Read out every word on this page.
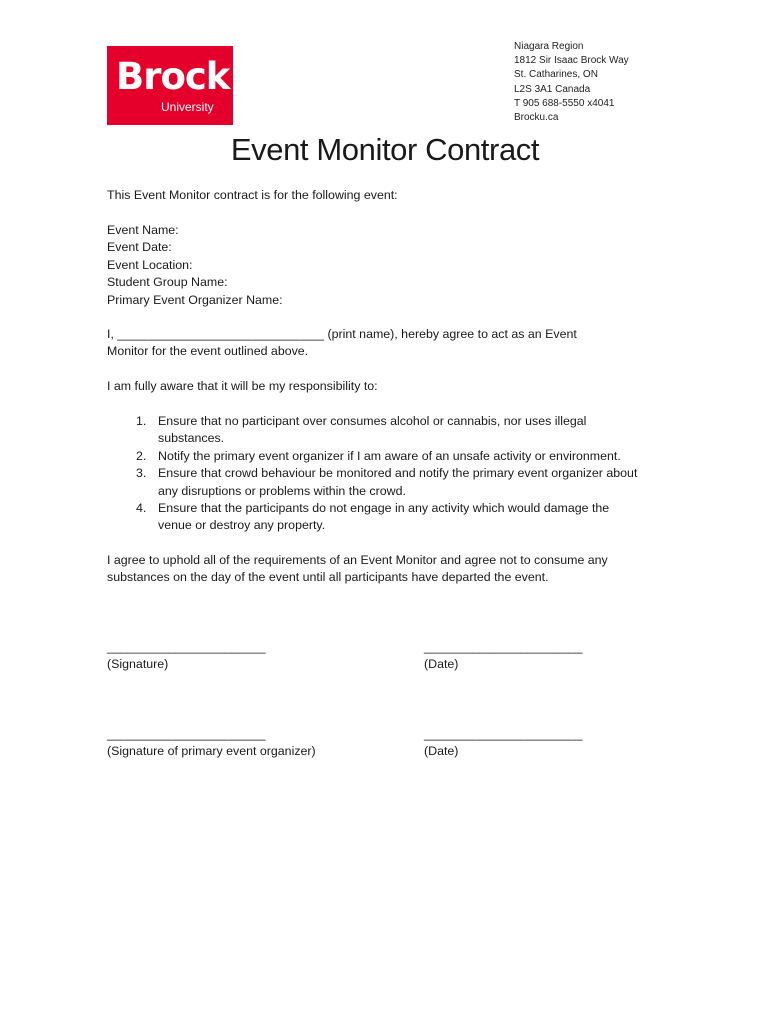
Brock
University
Niagara Region
1812 Sir Isaac Brock Way
St. Catharines, ON
L2S 3A1 Canada
T 905 688-5550 x4041
Brocku.ca
Event Monitor Contract
This Event Monitor contract is for the following event:
Event Name:
Event Date:
Event Location:
Student Group Name:
Primary Event Organizer Name:
I, ______________________________ (print name), hereby agree to act as an Event
Monitor for the event outlined above.
I am fully aware that it will be my responsibility to:
1. Ensure that no participant over consumes alcohol or cannabis, nor uses illegal
substances.
2. Notify the primary event organizer if I am aware of an unsafe activity or environment.
3. Ensure that crowd behaviour be monitored and notify the primary event organizer about
any disruptions or problems within the crowd.
4. Ensure that the participants do not engage in any activity which would damage the
venue or destroy any property.
I agree to uphold all of the requirements of an Event Monitor and agree not to consume any
substances on the day of the event until all participants have departed the event.
_______________________
(Signature)
_______________________
(Date)
_______________________
(Signature of primary event organizer)
_______________________
(Date)
